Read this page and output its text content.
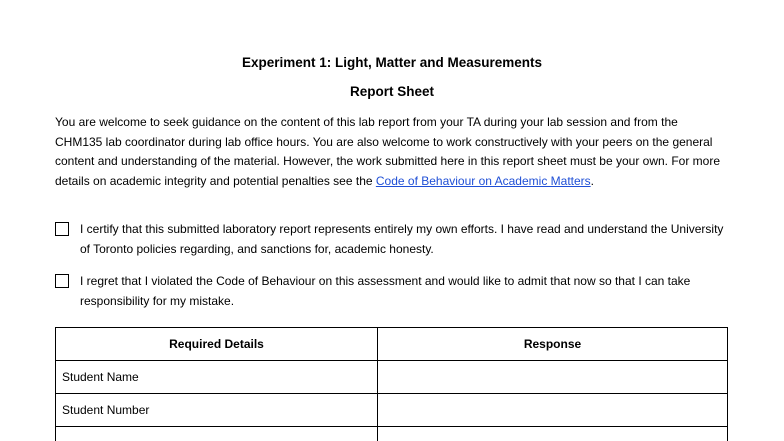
Experiment 1: Light, Matter and Measurements
Report Sheet
You are welcome to seek guidance on the content of this lab report from your TA during your lab session and from the CHM135 lab coordinator during lab office hours. You are also welcome to work constructively with your peers on the general content and understanding of the material. However, the work submitted here in this report sheet must be your own. For more details on academic integrity and potential penalties see the Code of Behaviour on Academic Matters.
I certify that this submitted laboratory report represents entirely my own efforts. I have read and understand the University of Toronto policies regarding, and sanctions for, academic honesty.
I regret that I violated the Code of Behaviour on this assessment and would like to admit that now so that I can take responsibility for my mistake.
Required Details	Response
Student Name	
Student Number	
